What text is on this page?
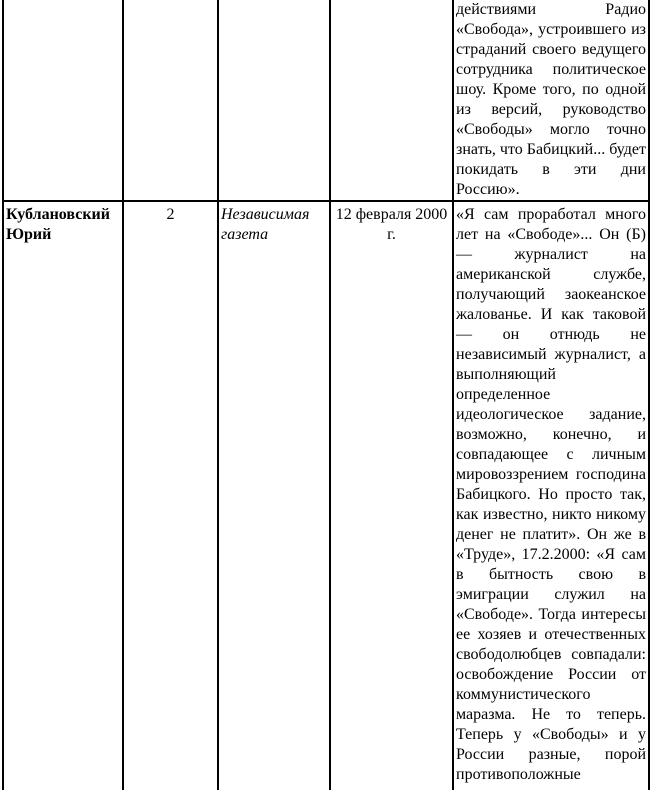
				действиями Радио «Свобода», устроившего из страданий своего ведущего сотрудника политическое шоу. Кроме того, по одной из версий, руководство «Свободы» могло точно знать, что Бабицкий... будет покидать в эти дни Россию».
Кублановский Юрий	2	Независимая газета	12 февраля 2000 г.	«Я сам проработал много лет на «Свободе»... Он (Б) — журналист на американской службе, получающий заокеанское жалованье. И как таковой — он отнюдь не независимый журналист, а выполняющий определенное идеологическое задание, возможно, конечно, и совпадающее с личным мировоззрением господина Бабицкого. Но просто так, как известно, никто никому денег не платит». Он же в «Труде», 17.2.2000: «Я сам в бытность свою в эмиграции служил на «Свободе». Тогда интересы ее хозяев и отечественных свободолюбцев совпадали: освобождение России от коммунистического маразма. Не то теперь. Теперь у «Свободы» и у России разные, порой противоположные
